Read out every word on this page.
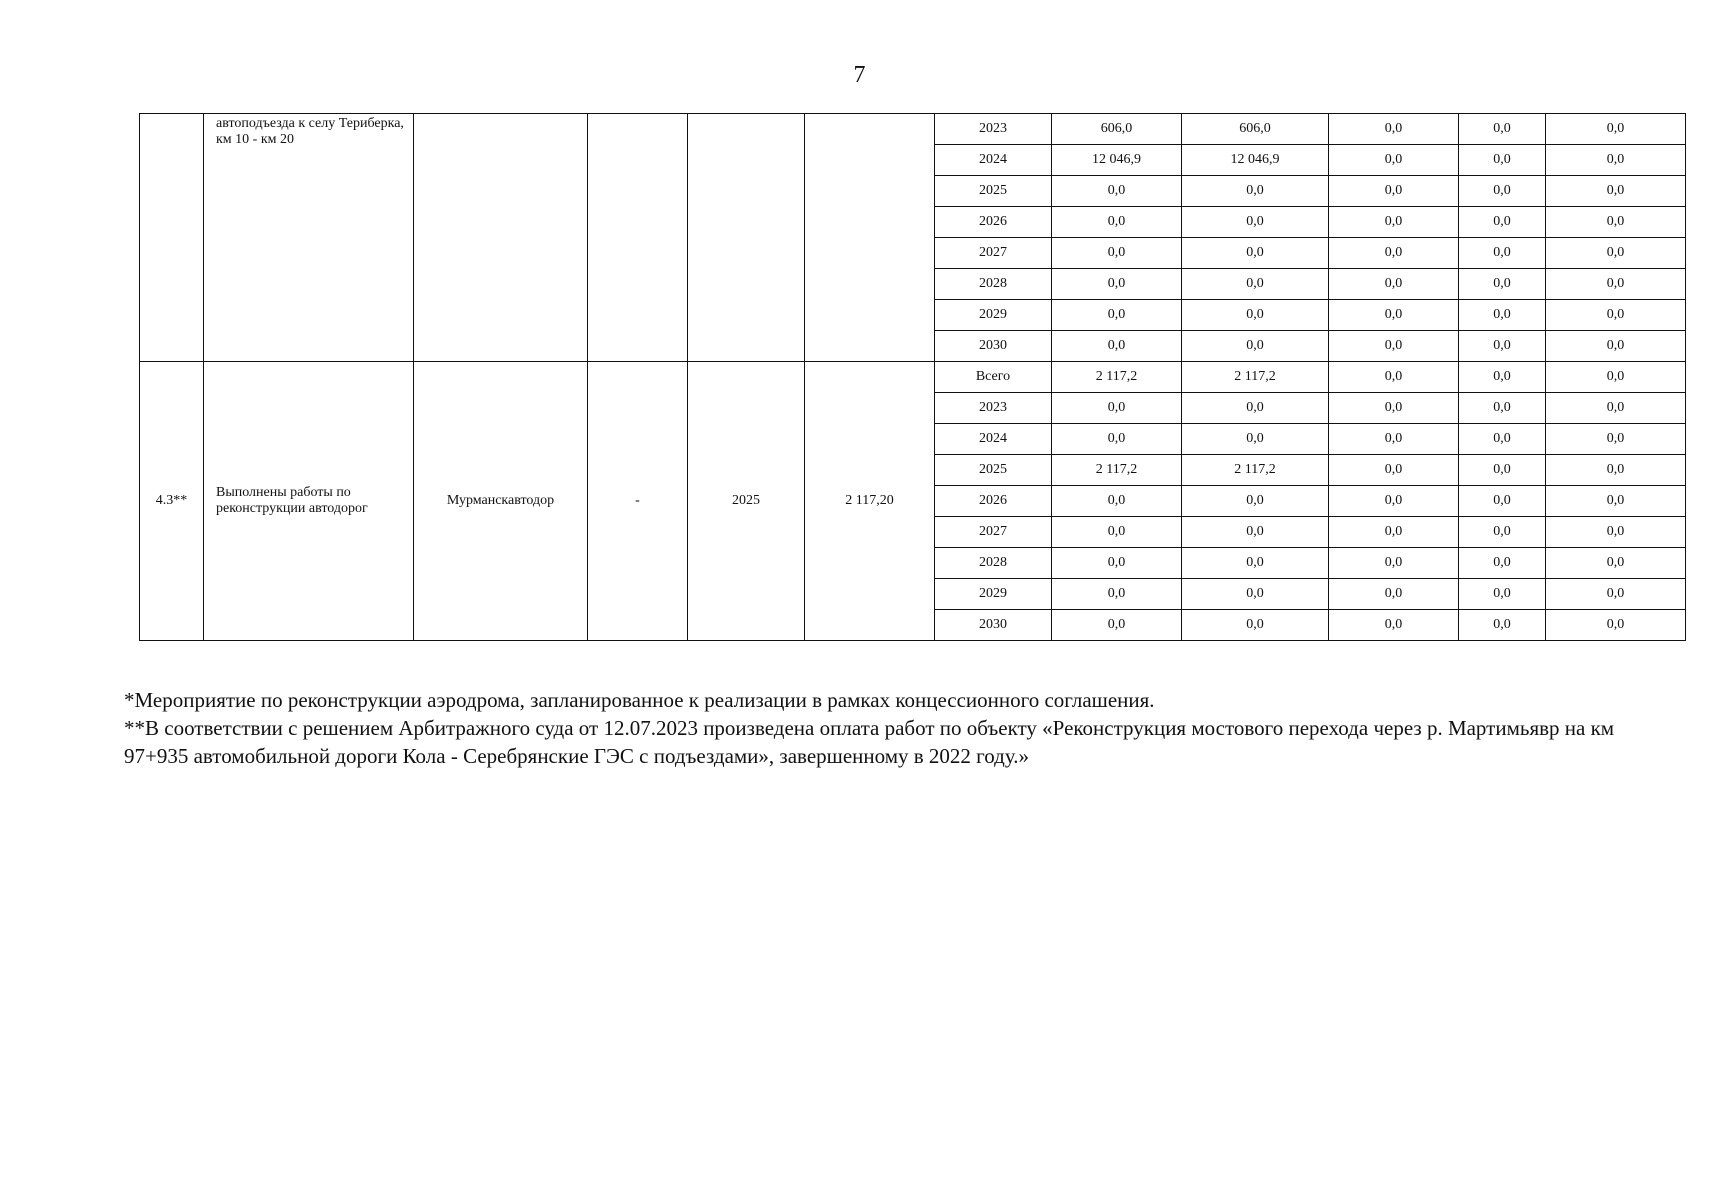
7
	автоподъезда к селу Териберка, км 10 - км 20					2023	606,0	606,0	0,0	0,0	0,0
						2024	12 046,9	12 046,9	0,0	0,0	0,0
						2025	0,0	0,0	0,0	0,0	0,0
						2026	0,0	0,0	0,0	0,0	0,0
						2027	0,0	0,0	0,0	0,0	0,0
						2028	0,0	0,0	0,0	0,0	0,0
						2029	0,0	0,0	0,0	0,0	0,0
						2030	0,0	0,0	0,0	0,0	0,0
4.3**	Выполнены работы по реконструкции автодорог	Мурманскавтодор	-	2025	2 117,20	Всего	2 117,2	2 117,2	0,0	0,0	0,0
						2023	0,0	0,0	0,0	0,0	0,0
						2024	0,0	0,0	0,0	0,0	0,0
						2025	2 117,2	2 117,2	0,0	0,0	0,0
						2026	0,0	0,0	0,0	0,0	0,0
						2027	0,0	0,0	0,0	0,0	0,0
						2028	0,0	0,0	0,0	0,0	0,0
						2029	0,0	0,0	0,0	0,0	0,0
						2030	0,0	0,0	0,0	0,0	0,0

*Мероприятие по реконструкции аэродрома, запланированное к реализации в рамках концессионного соглашения.

**В соответствии с решением Арбитражного суда от 12.07.2023 произведена оплата работ по объекту «Реконструкция мостового перехода через р. Мартимьявр на км 97+935 автомобильной дороги Кола - Серебрянские ГЭС с подъездами», завершенному в 2022 году.»
